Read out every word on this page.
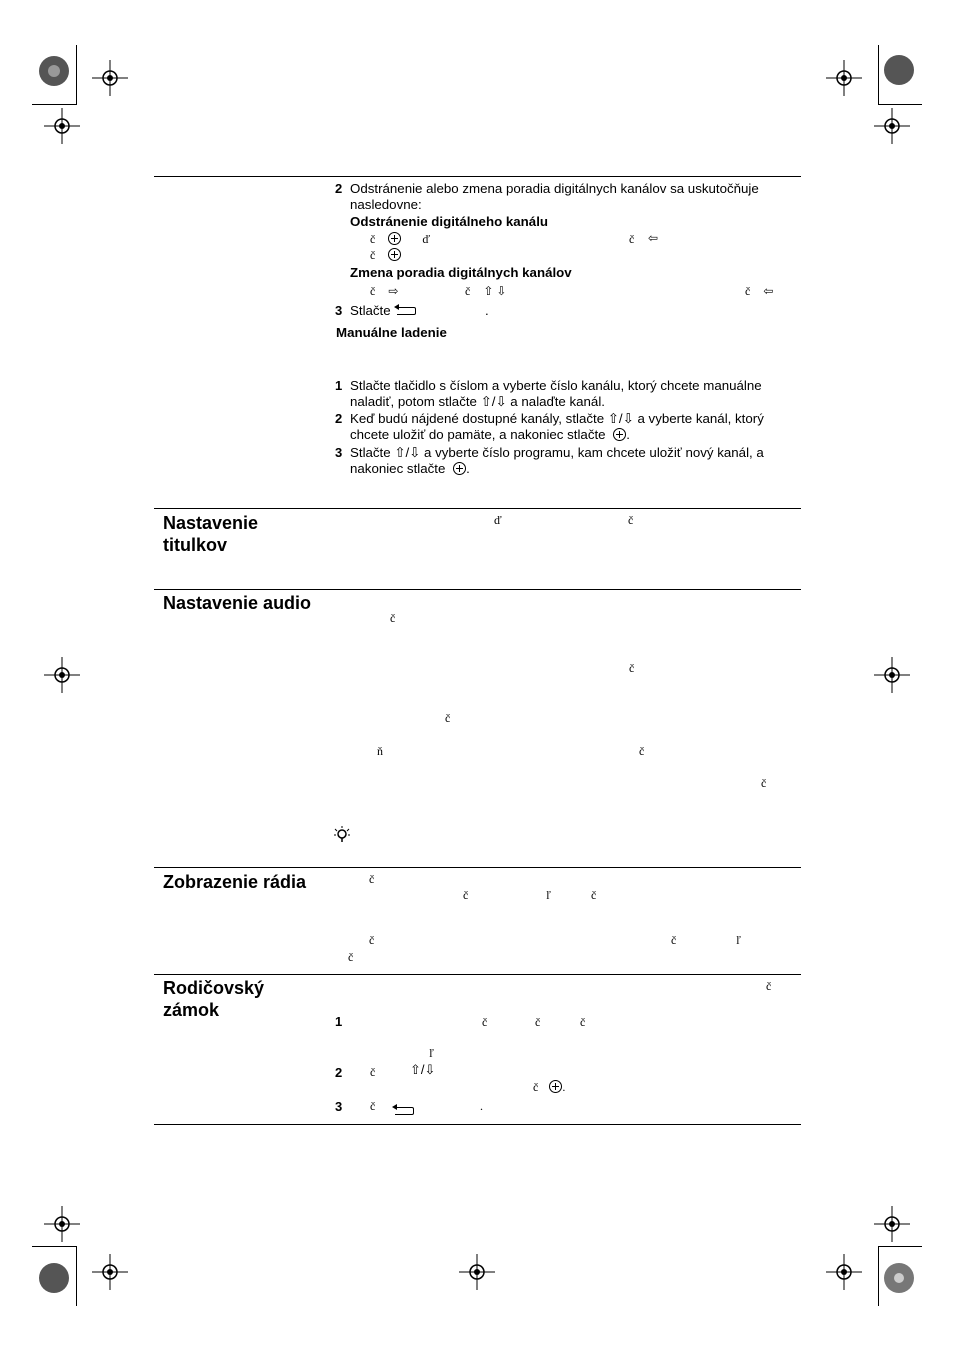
2 Odstránenie alebo zmena poradia digitálnych kanálov sa uskutočňuje nasledovne:
Odstránenie digitálneho kanálu
č	ď	č ⇦
č
Zmena poradia digitálnych kanálov
č ⇨	č ⇧ ⇩	č ⇦
3 Stlačte	.
Manuálne ladenie
1 Stlačte tlačidlo s číslom a vyberte číslo kanálu, ktorý chcete manuálne naladiť, potom stlačte ⇧/⇩ a nalaďte kanál.
2 Keď budú nájdené dostupné kanály, stlačte ⇧/⇩ a vyberte kanál, ktorý chcete uložiť do pamäte, a nakoniec stlačte .
3 Stlačte ⇧/⇩ a vyberte číslo programu, kam chcete uložiť nový kanál, a nakoniec stlačte .
Nastavenie titulkov
ď	č
Nastavenie audio
č
č
č
ň	č
č
Zobrazenie rádia	č
č	ľ	č
č	č	ľ
č
Rodičovský zámok
č
1	č	č	č
ľ
2 č	⇧/⇩
č .
3 č	.
